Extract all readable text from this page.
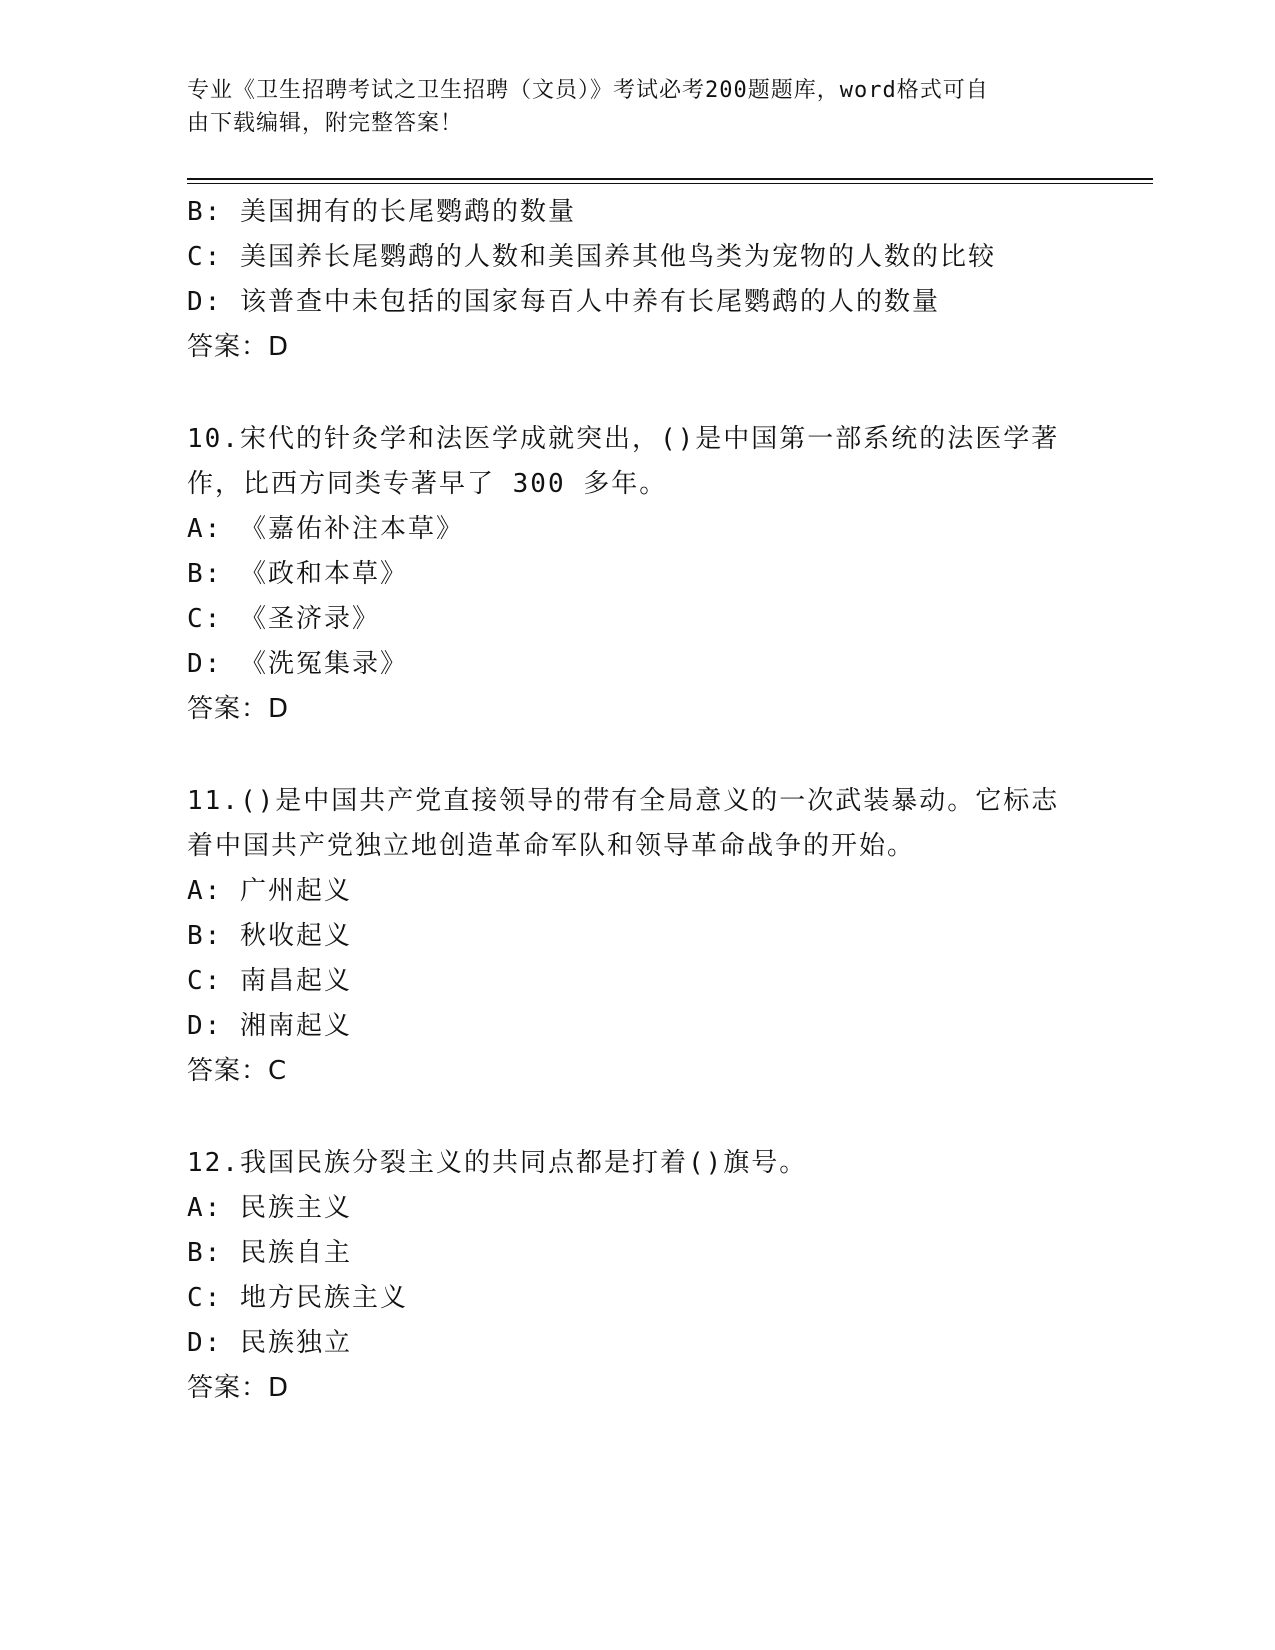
专业《卫生招聘考试之卫生招聘（文员）》考试必考200题题库，word格式可自
由下载编辑，附完整答案！
B: 美国拥有的长尾鹦鹉的数量
C: 美国养长尾鹦鹉的人数和美国养其他鸟类为宠物的人数的比较
D: 该普查中未包括的国家每百人中养有长尾鹦鹉的人的数量
答案：D
10.宋代的针灸学和法医学成就突出，()是中国第一部系统的法医学著
作，比西方同类专著早了 300 多年。
A: 《嘉佑补注本草》
B: 《政和本草》
C: 《圣济录》
D: 《洗冤集录》
答案：D
11.()是中国共产党直接领导的带有全局意义的一次武装暴动。它标志
着中国共产党独立地创造革命军队和领导革命战争的开始。
A: 广州起义
B: 秋收起义
C: 南昌起义
D: 湘南起义
答案：C
12.我国民族分裂主义的共同点都是打着()旗号。
A: 民族主义
B: 民族自主
C: 地方民族主义
D: 民族独立
答案：D
